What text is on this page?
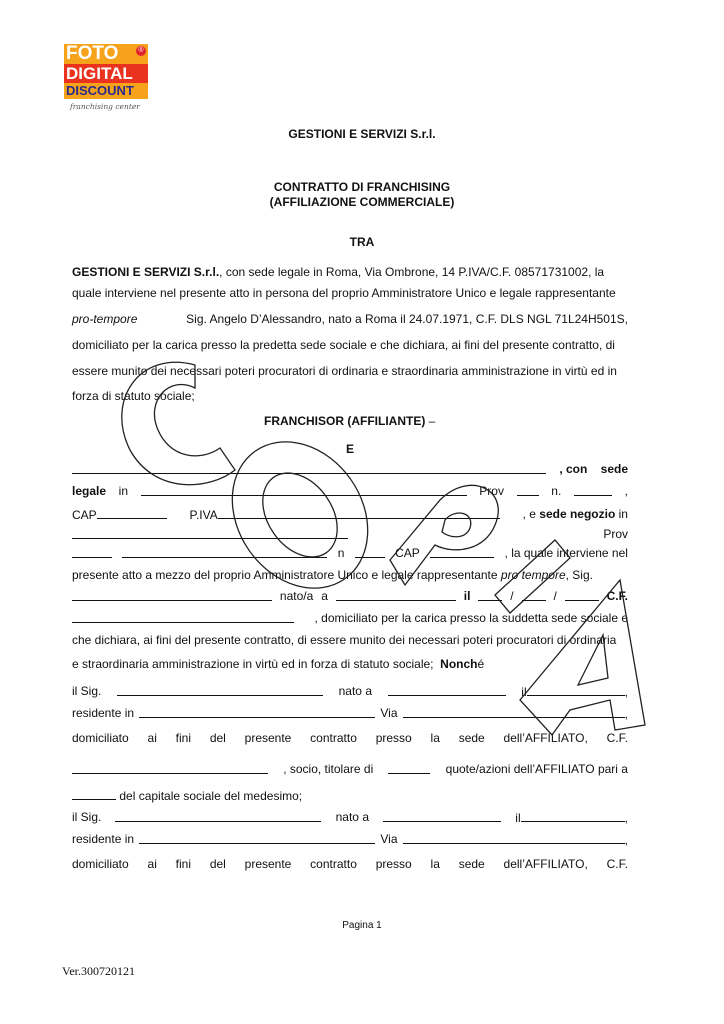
FOTO	®
DIGITAL
DISCOUNT
franchising center
GESTIONI E SERVIZI S.r.l.
CONTRATTO DI FRANCHISING
(AFFILIAZIONE COMMERCIALE)
TRA
GESTIONI E SERVIZI S.r.l., con sede legale in Roma, Via Ombrone, 14 P.IVA/C.F. 08571731002, la
quale interviene nel presente atto in persona del proprio Amministratore Unico e legale rappresentante
pro-tempore	Sig. Angelo D’Alessandro, nato a Roma il 24.07.1971, C.F. DLS NGL 71L24H501S,
domiciliato per la carica presso la predetta sede sociale e che dichiara, ai fini del presente contratto, di
essere munito dei necessari poteri procuratori di ordinaria e straordinaria amministrazione in virtù ed in
forza di statuto sociale;
FRANCHISOR (AFFILIANTE) –
E
, con sede
legale in	Prov	n.	,
CAP	P.IVA	, e sede negozio in
Prov
n	CAP	, la quale interviene nel
presente atto a mezzo del proprio Amministratore Unico e legale rappresentante pro tempore, Sig.
nato/a a	il	/	/	C.F.
, domiciliato per la carica presso la suddetta sede sociale e
che dichiara, ai fini del presente contratto, di essere munito dei necessari poteri procuratori di ordinaria
e straordinaria amministrazione in virtù ed in forza di statuto sociale; Nonché
il Sig.	nato a	il	,
residente in	Via	,
domiciliato ai fini del presente contratto presso la sede dell’AFFILIATO, C.F.
, socio, titolare di	quote/azioni dell’AFFILIATO pari a
del capitale sociale del medesimo;
il Sig.	nato a	il	,
residente in	Via	,
domiciliato ai fini del presente contratto presso la sede dell’AFFILIATO, C.F.
Pagina 1
Ver.300720121
